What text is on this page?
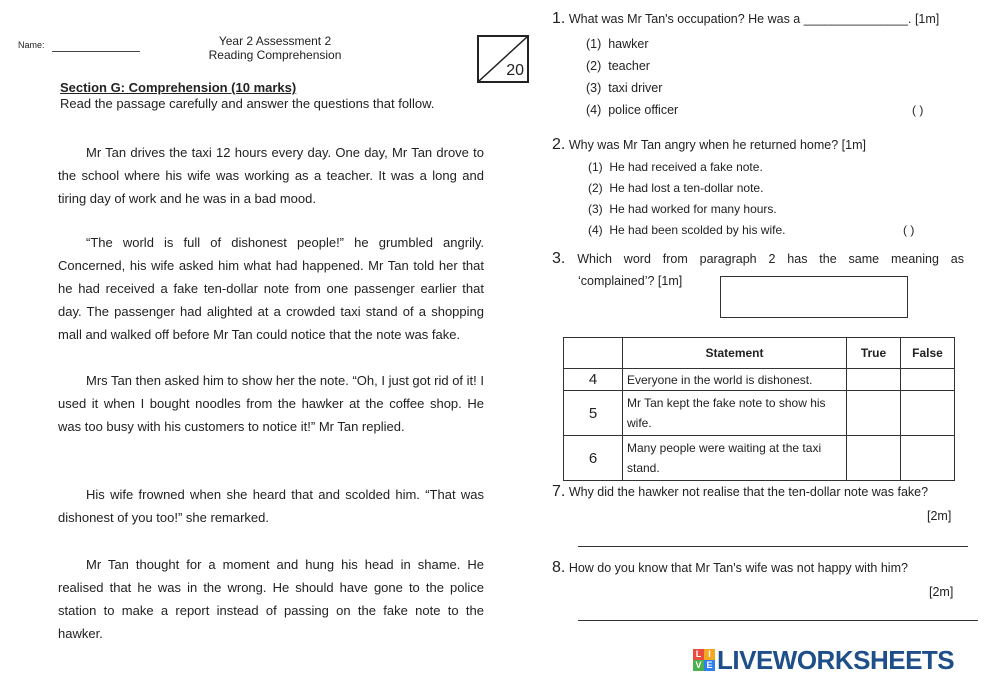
Name:	Year 2 Assessment 2
Reading Comprehension
20
Section G: Comprehension (10 marks)
Read the passage carefully and answer the questions that follow.

Mr Tan drives the taxi 12 hours every day. One day, Mr Tan drove to the school where his wife was working as a teacher. It was a long and tiring day of work and he was in a bad mood.

“The world is full of dishonest people!” he grumbled angrily. Concerned, his wife asked him what had happened. Mr Tan told her that he had received a fake ten-dollar note from one passenger earlier that day. The passenger had alighted at a crowded taxi stand of a shopping mall and walked off before Mr Tan could notice that the note was fake.

Mrs Tan then asked him to show her the note. “Oh, I just got rid of it! I used it when I bought noodles from the hawker at the coffee shop. He was too busy with his customers to notice it!” Mr Tan replied.

His wife frowned when she heard that and scolded him. “That was dishonest of you too!” she remarked.

Mr Tan thought for a moment and hung his head in shame. He realised that he was in the wrong. He should have gone to the police station to make a report instead of passing on the fake note to the hawker.

1. What was Mr Tan's occupation? He was a _______________. [1m]
(1) hawker
(2) teacher
(3) taxi driver
(4) police officer	( )
2. Why was Mr Tan angry when he returned home? [1m]
(1) He had received a fake note.
(2) He had lost a ten-dollar note.
(3) He had worked for many hours.
(4) He had been scolded by his wife.	( )
3. Which word from paragraph 2 has the same meaning as
‘complained’? [1m]
	Statement	True	False
4	Everyone in the world is dishonest.		
5	Mr Tan kept the fake note to show his wife.		
6	Many people were waiting at the taxi stand.		
7. Why did the hawker not realise that the ten-dollar note was fake?
[2m]
8. How do you know that Mr Tan's wife was not happy with him?
[2m]
L I
V E LIVEWORKSHEETS
